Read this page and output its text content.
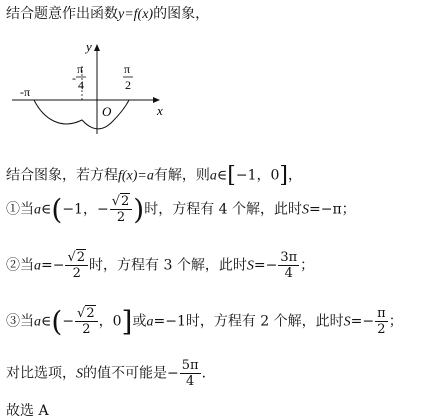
结合题意作出函数y=f(x)的图象，
y
x
O
-π
-
π
4
π
2
结合图象，若方程f(x)=a有解，则a∈[−1，0]，
①当a∈(−1，− $\frac{√2}{2}$ )时，方程有 4 个解，此时S=−π；
②当$a=- \frac{√2}{2}$ 时，方程有 3 个解，此时$S=- \frac{3\pi}{4}$ ；
③当a∈(− $\frac{√2}{2}$ ，0]或a=−1时，方程有 2 个解，此时$S=- \frac{\pi}{2}$ ；
对比选项，S的值不可能是− $\frac{5\pi}{4}$ .
故选 A
